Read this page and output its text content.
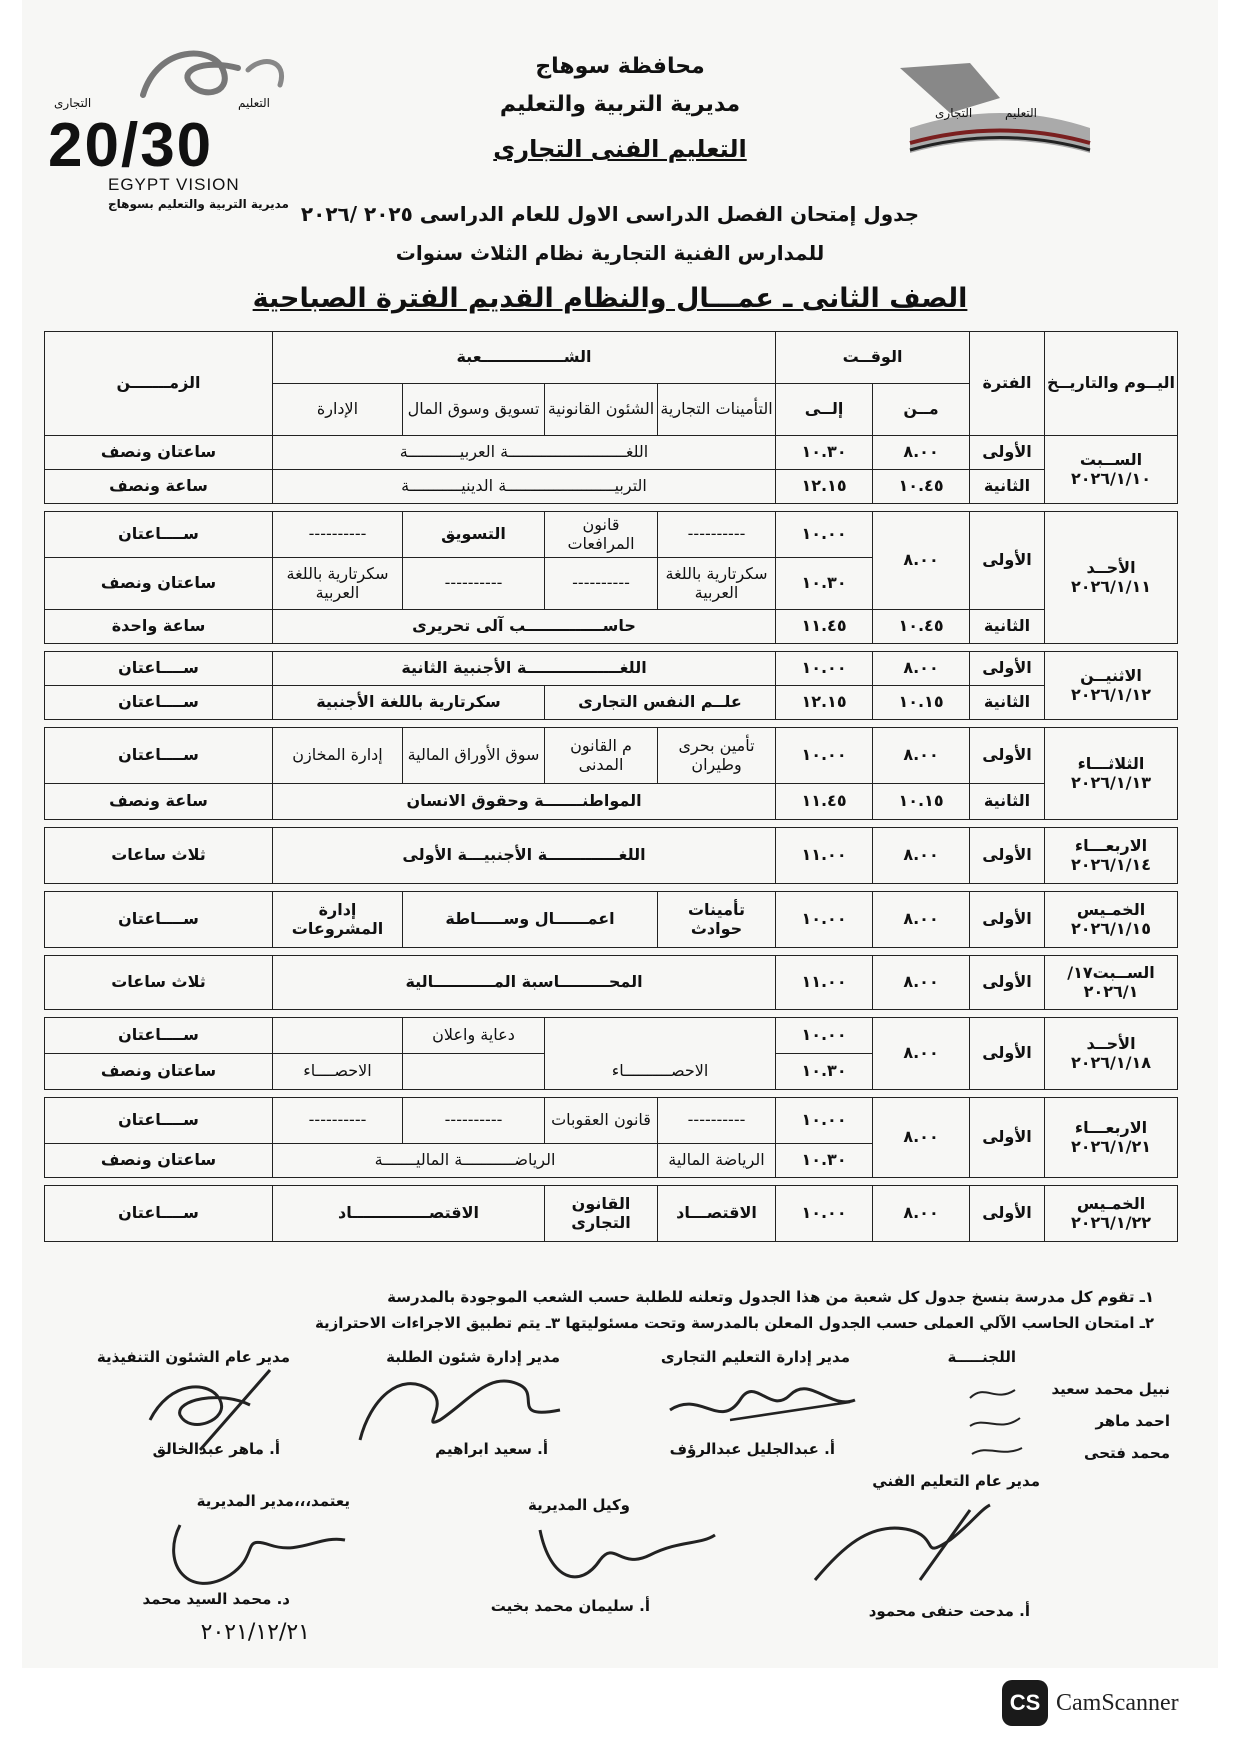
التعليم
التجارى
20/30
EGYPT VISION
مديرية التربية والتعليم بسوهاج
التعليم
التجارى
محافظة سوهاج
مديرية التربية والتعليم
التعليم الفنى التجارى
جدول إمتحان الفصل الدراسى الاول للعام الدراسى ٢٠٢٥ /٢٠٢٦
للمدارس الفنية التجارية نظام الثلاث سنوات
الصف الثانى ـ عمـــال والنظام القديم الفترة الصباحية
اليــوم والتاريــخ	الفترة	الوقــت		الشـــــــــــــــعبة				الزمـــــــن
		مــن	إلــى	التأمينات التجارية	الشئون القانونية	تسويق وسوق المال	الإدارة	

الســبت
٢٠٢٦/١/١٠	الأولى	٨.٠٠	١٠.٣٠	اللغـــــــــــــــــــــــــة العربيـــــــــــة				ساعتان ونصف
	الثانية	١٠.٤٥	١٢.١٥	التربيـــــــــــــــــــــــة الدينيـــــــــــة				ساعة ونصف

الأحــد
٢٠٢٦/١/١١	الأولى	٨.٠٠	١٠.٠٠	----------	قانون المرافعات	التسويق	----------	ســــاعتان
			١٠.٣٠	سكرتارية باللغة العربية	----------	----------	سكرتارية باللغة العربية	ساعتان ونصف
	الثانية	١٠.٤٥	١١.٤٥	حاســــــــــــــب آلى تحريرى				ساعة واحدة

الاثنيــن
٢٠٢٦/١/١٢	الأولى	٨.٠٠	١٠.٠٠	اللغـــــــــــــــــة الأجنبية الثانية				ســــاعتان
	الثانية	١٠.١٥	١٢.١٥	علــم النفس التجارى		سكرتارية باللغة الأجنبية		ســــاعتان

الثلاثـــاء
٢٠٢٦/١/١٣	الأولى	٨.٠٠	١٠.٠٠	تأمين بحرى وطيران	م القانون المدنى	سوق الأوراق المالية	إدارة المخازن	ســــاعتان
	الثانية	١٠.١٥	١١.٤٥	المواطنـــــــة وحقوق الانسان				ساعة ونصف

الاربعـــاء
٢٠٢٦/١/١٤	الأولى	٨.٠٠	١١.٠٠	اللغـــــــــــــة الأجنبيـــة الأولى				ثلاث ساعات

الخمـيس
٢٠٢٦/١/١٥	الأولى	٨.٠٠	١٠.٠٠	تأمينات حوادث	اعمــــــال وســـــاطة		إدارة المشروعات	ســــاعتان

الســبت١٧/
٢٠٢٦/١	الأولى	٨.٠٠	١١.٠٠	المحـــــــــاسبة المـــــــــــالية				ثلاث ساعات

الأحــد
٢٠٢٦/١/١٨	الأولى	٨.٠٠	١٠.٠٠			دعاية واعلان		ســــاعتان
			١٠.٣٠	الاحصــــــــــاء			الاحصــــاء	ساعتان ونصف

الاربعـــاء
٢٠٢٦/١/٢١	الأولى	٨.٠٠	١٠.٠٠	----------	قانون العقوبات	----------	----------	ســــاعتان
			١٠.٣٠	الرياضة المالية	الرياضـــــــــــة الماليـــــــة			ساعتان ونصف

الخمـيس
٢٠٢٦/١/٢٢	الأولى	٨.٠٠	١٠.٠٠	الاقتصـــاد	القانون التجارى	الاقتصــــــــــــــاد		ســــاعتان
١ـ تقوم كل مدرسة بنسخ جدول كل شعبة من هذا الجدول وتعلنه للطلبة حسب الشعب الموجودة بالمدرسة
٢ـ امتحان الحاسب الآلي العملى حسب الجدول المعلن بالمدرسة وتحت مسئوليتها ٣ـ يتم تطبيق الاجراءات الاحترازية
اللجنـــــة
نبيل محمد سعيد
احمد ماهر
محمد فتحى
مدير إدارة التعليم التجارى
أ. عبدالجليل عبدالرؤف
مدير إدارة شئون الطلبة
أ. سعيد ابراهيم
مدير عام الشئون التنفيذية
أ. ماهر عبدالخالق
مدير عام التعليم الفني
أ. مدحت حنفى محمود
وكيل المديرية
أ. سليمان محمد بخيت
يعتمد،،،مدير المديرية
د. محمد السيد محمد
٢٠٢١/١٢/٢١
CS CamScanner
